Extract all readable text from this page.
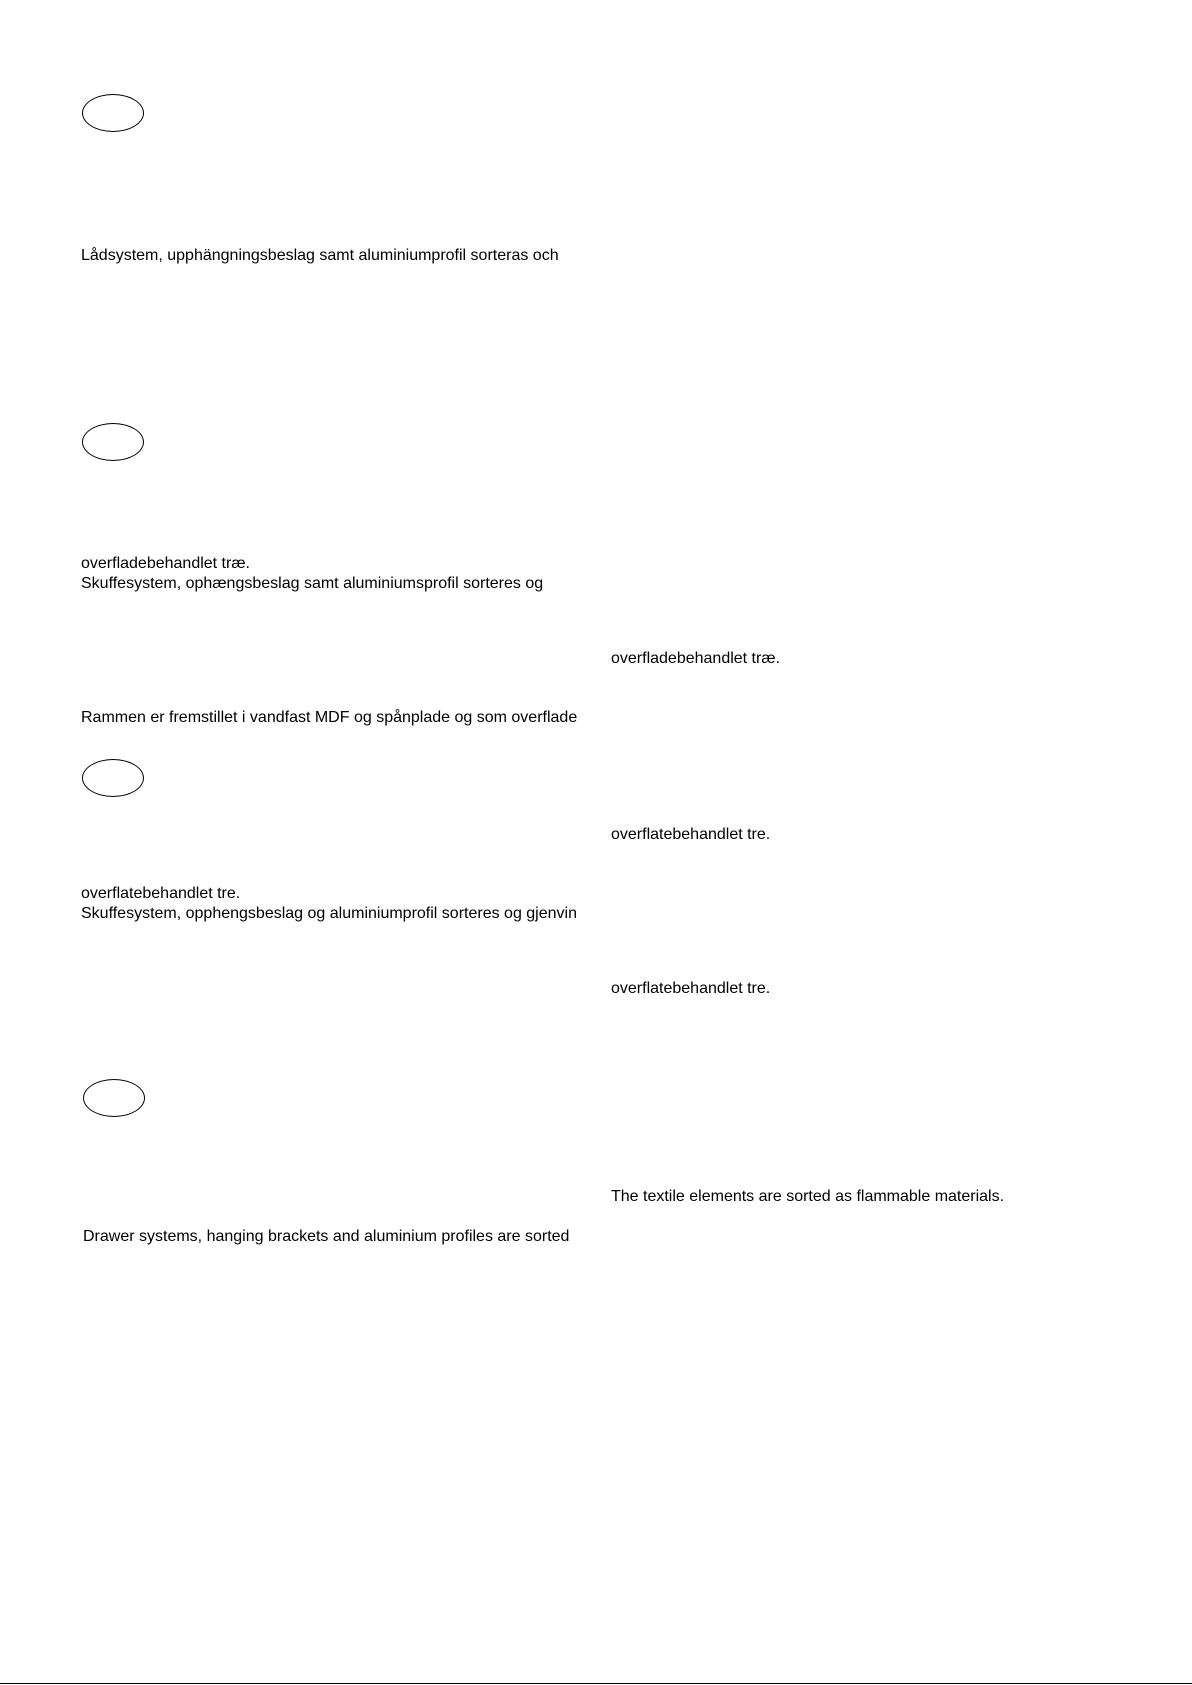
Lådsystem, upphängningsbeslag samt aluminiumprofil sorteras och
overfladebehandlet træ.
Skuffesystem, ophængsbeslag samt aluminiumsprofil sorteres og
overfladebehandlet træ.
Rammen er fremstillet i vandfast MDF og spånplade og som overflade
overflatebehandlet tre.
overflatebehandlet tre.
Skuffesystem, opphengsbeslag og aluminiumprofil sorteres og gjenvin
overflatebehandlet tre.
The textile elements are sorted as flammable materials.
Drawer systems, hanging brackets and aluminium profiles are sorted
